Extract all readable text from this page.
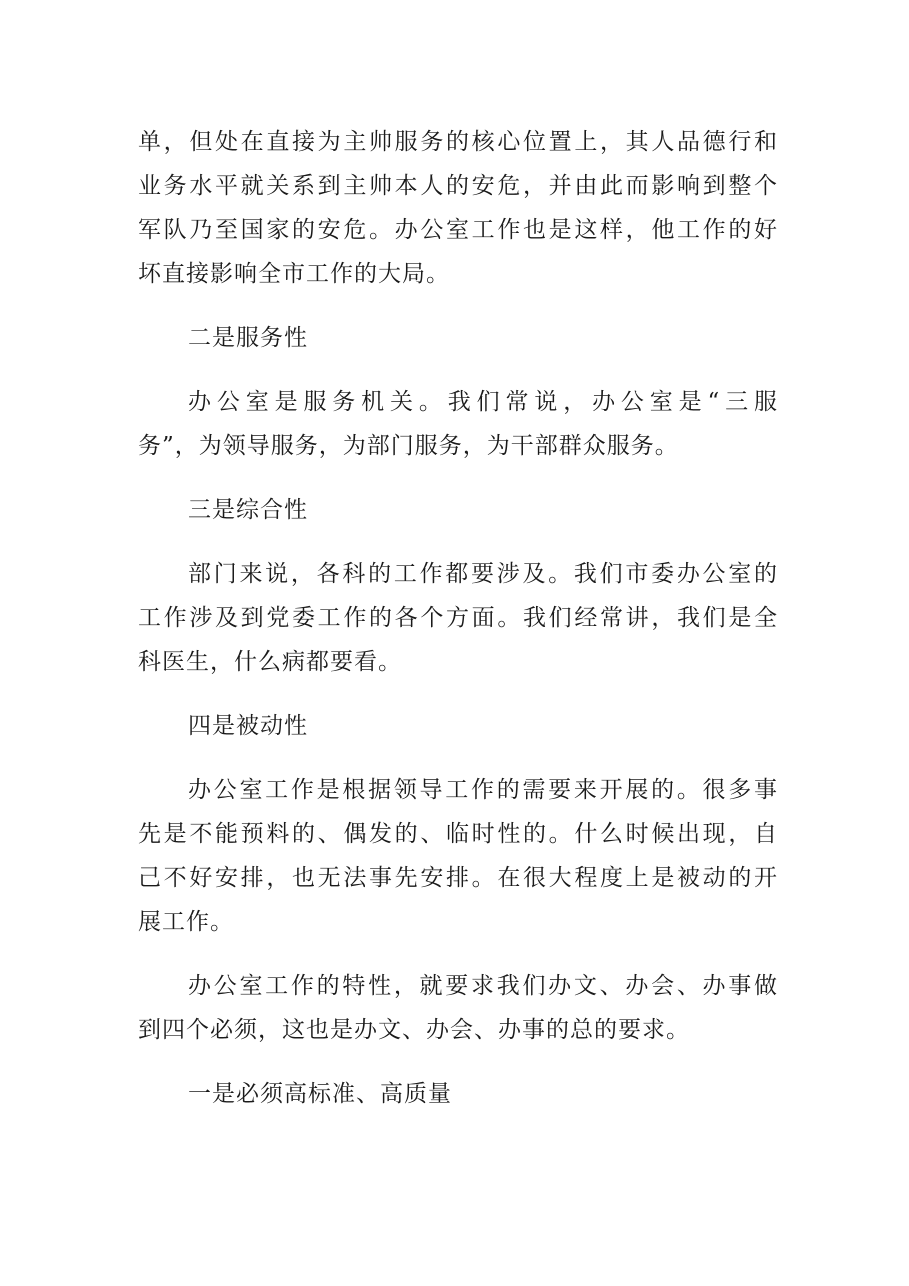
单，但处在直接为主帅服务的核心位置上，其人品德行和
业务水平就关系到主帅本人的安危，并由此而影响到整个
军队乃至国家的安危。办公室工作也是这样，他工作的好
坏直接影响全市工作的大局。
二是服务性
办公室是服务机关。我们常说，办公室是“三服
务”，为领导服务，为部门服务，为干部群众服务。
三是综合性
部门来说，各科的工作都要涉及。我们市委办公室的
工作涉及到党委工作的各个方面。我们经常讲，我们是全
科医生，什么病都要看。
四是被动性
办公室工作是根据领导工作的需要来开展的。很多事
先是不能预料的、偶发的、临时性的。什么时候出现，自
己不好安排，也无法事先安排。在很大程度上是被动的开
展工作。
办公室工作的特性，就要求我们办文、办会、办事做
到四个必须，这也是办文、办会、办事的总的要求。
一是必须高标准、高质量
